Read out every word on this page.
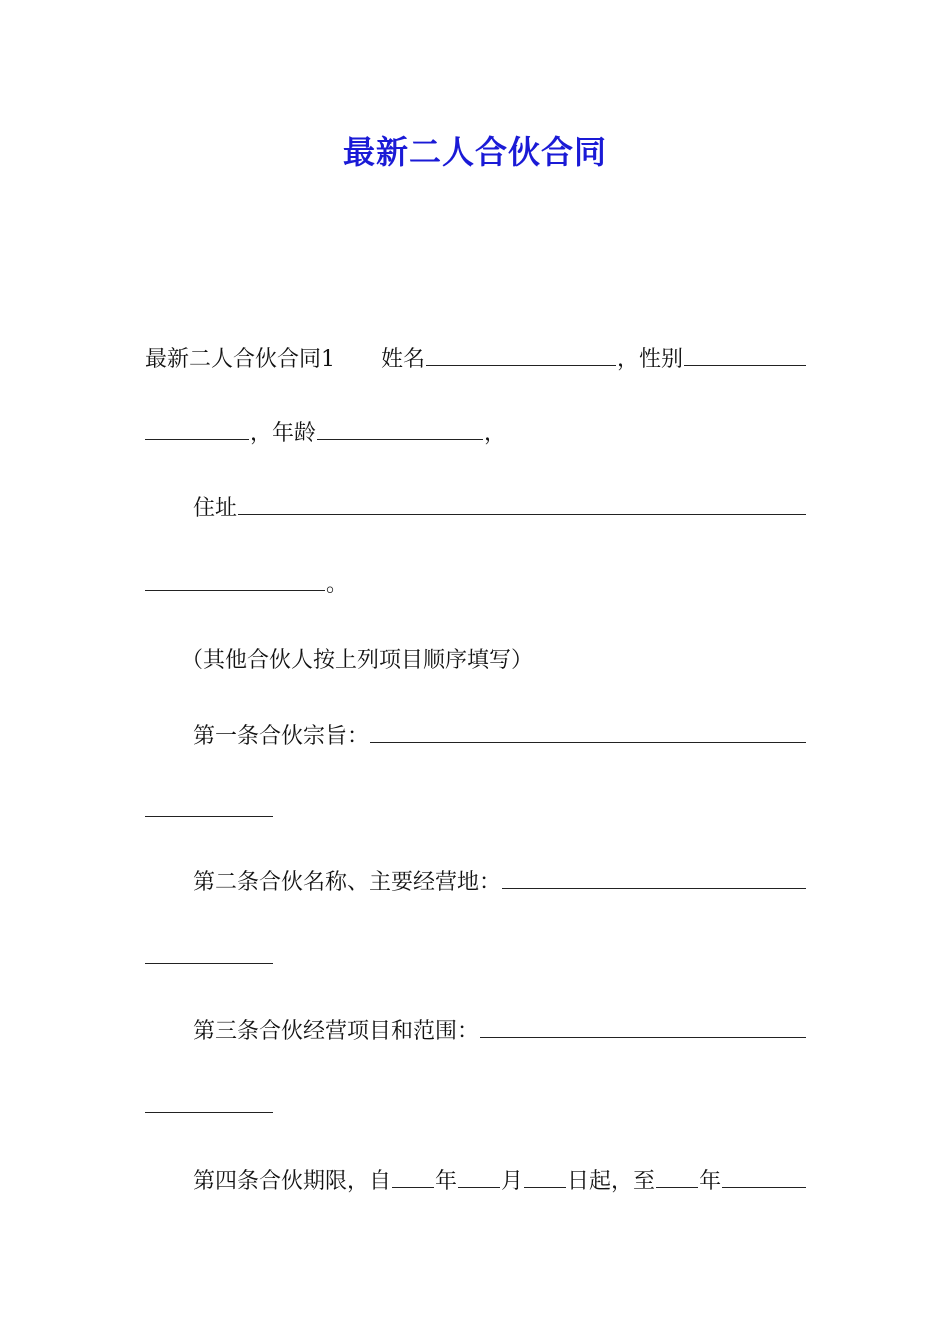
最新二人合伙合同
最新二人合伙合同1 姓名	，性别
，年龄	，
住址
。
（其他合伙人按上列项目顺序填写）
第一条合伙宗旨：
第二条合伙名称、主要经营地：
第三条合伙经营项目和范围：
第四条合伙期限，自 年 月 日起，至 年
